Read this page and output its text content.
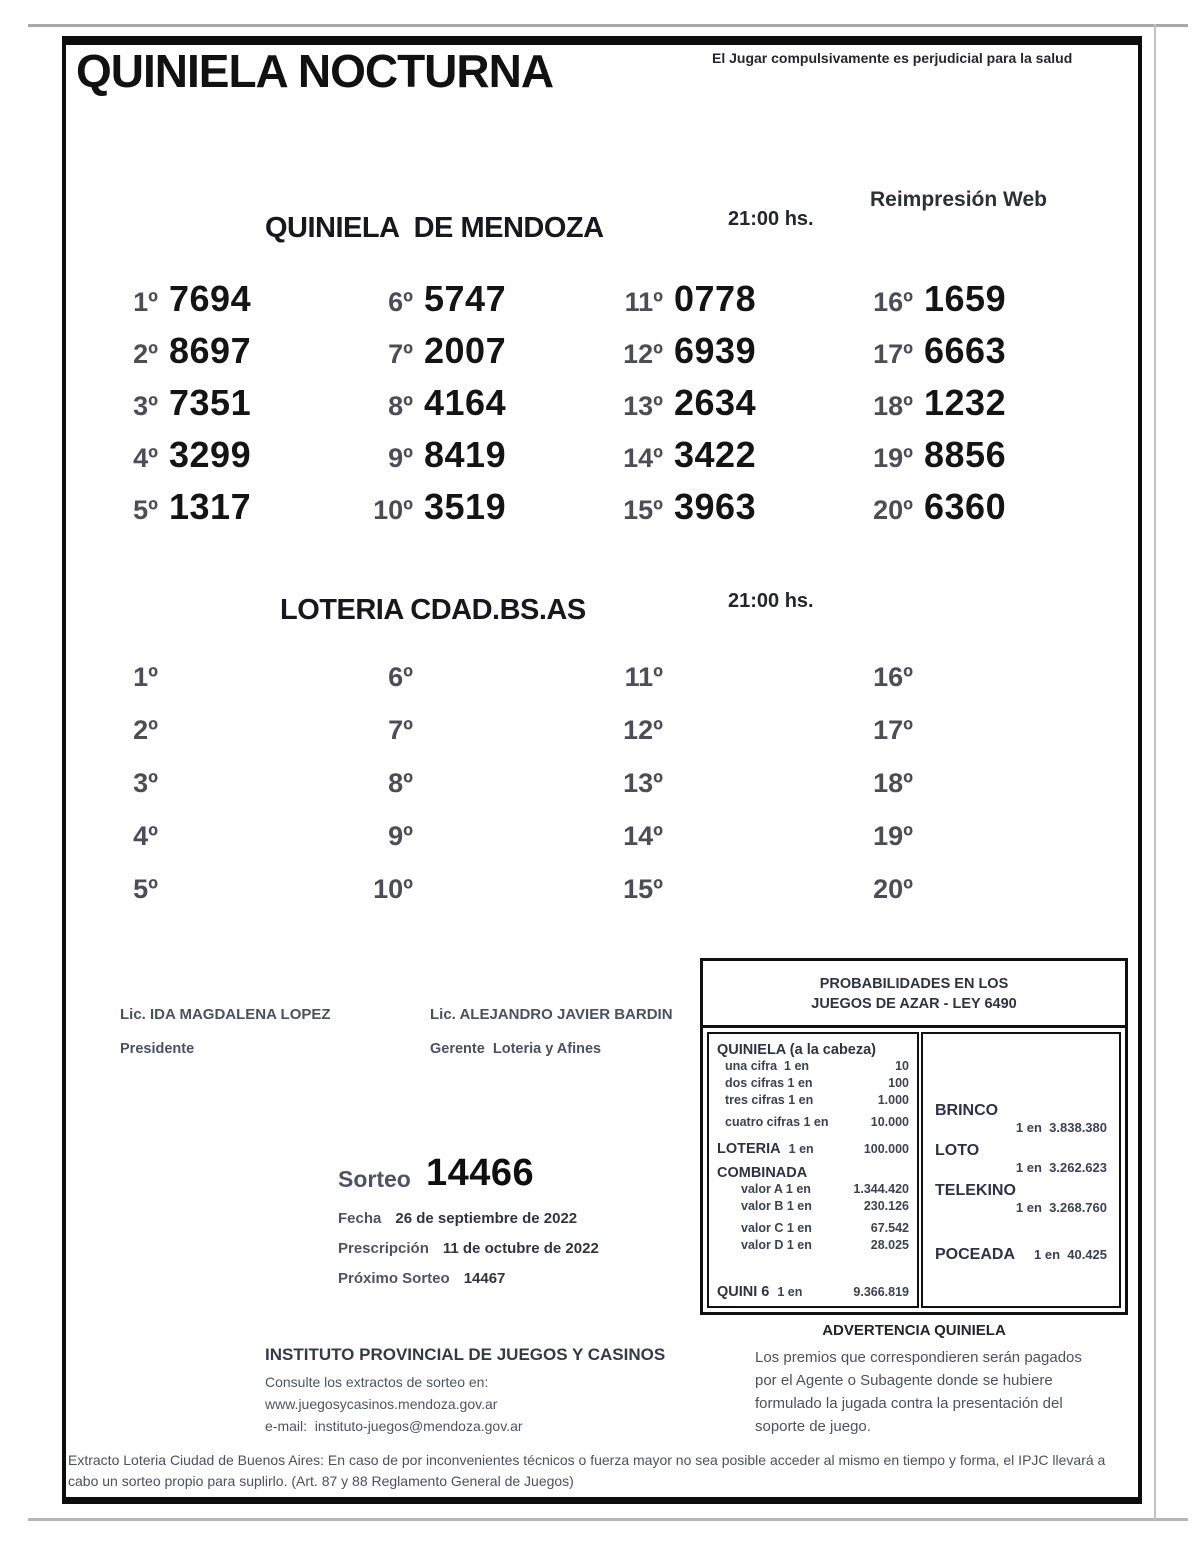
QUINIELA NOCTURNA	El Jugar compulsivamente es perjudicial para la salud
QUINIELA  DE MENDOZA	21:00 hs.
Reimpresión Web
1º 7694	6º 5747	11º 0778	16º 1659
2º 8697	7º 2007	12º 6939	17º 6663
3º 7351	8º 4164	13º 2634	18º 1232
4º 3299	9º 8419	14º 3422	19º 8856
5º 1317	10º 3519	15º 3963	20º 6360
LOTERIA CDAD.BS.AS	21:00 hs.
1º	6º	11º	16º
2º	7º	12º	17º
3º	8º	13º	18º
4º	9º	14º	19º
5º	10º	15º	20º
Lic. IDA MAGDALENA LOPEZ
Presidente
Lic. ALEJANDRO JAVIER BARDIN
Gerente  Loteria y Afines
PROBABILIDADES EN LOS
JUEGOS DE AZAR - LEY 6490
QUINIELA (a la cabeza)
una cifra  1 en	10
dos cifras 1 en	100
tres cifras 1 en	1.000
cuatro cifras 1 en	10.000
LOTERIA 1 en	100.000
COMBINADA
valor A 1 en	1.344.420
valor B 1 en	230.126
valor C 1 en	67.542
valor D 1 en	28.025
QUINI 6 1 en	9.366.819
BRINCO
1 en  3.838.380
LOTO
1 en  3.262.623
TELEKINO
1 en  3.268.760
POCEADA 1 en  40.425
Sorteo 14466
Fecha 26 de septiembre de 2022
Prescripción 11 de octubre de 2022
Próximo Sorteo 14467
ADVERTENCIA QUINIELA
Los premios que correspondieren serán pagados por el Agente o Subagente donde se hubiere formulado la jugada contra la presentación del soporte de juego.
INSTITUTO PROVINCIAL DE JUEGOS Y CASINOS
Consulte los extractos de sorteo en:
www.juegosycasinos.mendoza.gov.ar
e-mail:  instituto-juegos@mendoza.gov.ar
Extracto Loteria Ciudad de Buenos Aires: En caso de por inconvenientes técnicos o fuerza mayor no sea posible acceder al mismo en tiempo y forma, el IPJC llevará a cabo un sorteo propio para suplirlo. (Art. 87 y 88 Reglamento General de Juegos)
